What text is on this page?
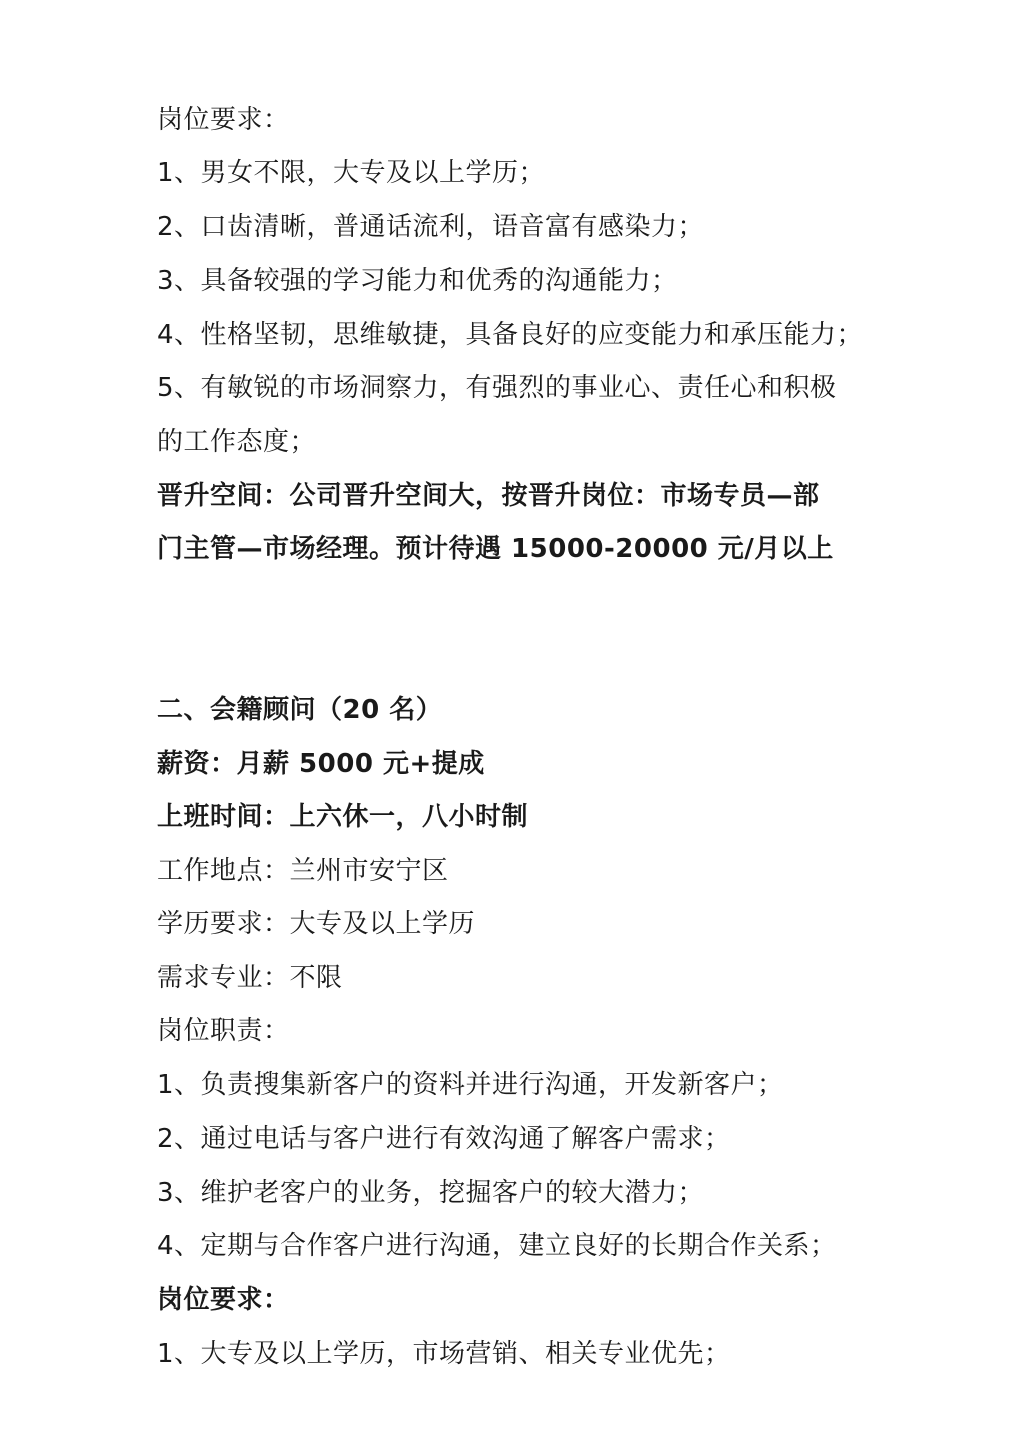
岗位要求：
1、男女不限，大专及以上学历；
2、口齿清晰，普通话流利，语音富有感染力；
3、具备较强的学习能力和优秀的沟通能力；
4、性格坚韧，思维敏捷，具备良好的应变能力和承压能力；
5、有敏锐的市场洞察力，有强烈的事业心、责任心和积极
的工作态度；
晋升空间：公司晋升空间大，按晋升岗位：市场专员—部
门主管—市场经理。预计待遇 15000-20000 元/月以上
二、会籍顾问（20 名）
薪资：月薪 5000 元+提成
上班时间：上六休一，八小时制
工作地点：兰州市安宁区
学历要求：大专及以上学历
需求专业：不限
岗位职责：
1、负责搜集新客户的资料并进行沟通，开发新客户；
2、通过电话与客户进行有效沟通了解客户需求；
3、维护老客户的业务，挖掘客户的较大潜力；
4、定期与合作客户进行沟通，建立良好的长期合作关系；
岗位要求：
1、大专及以上学历，市场营销、相关专业优先；
